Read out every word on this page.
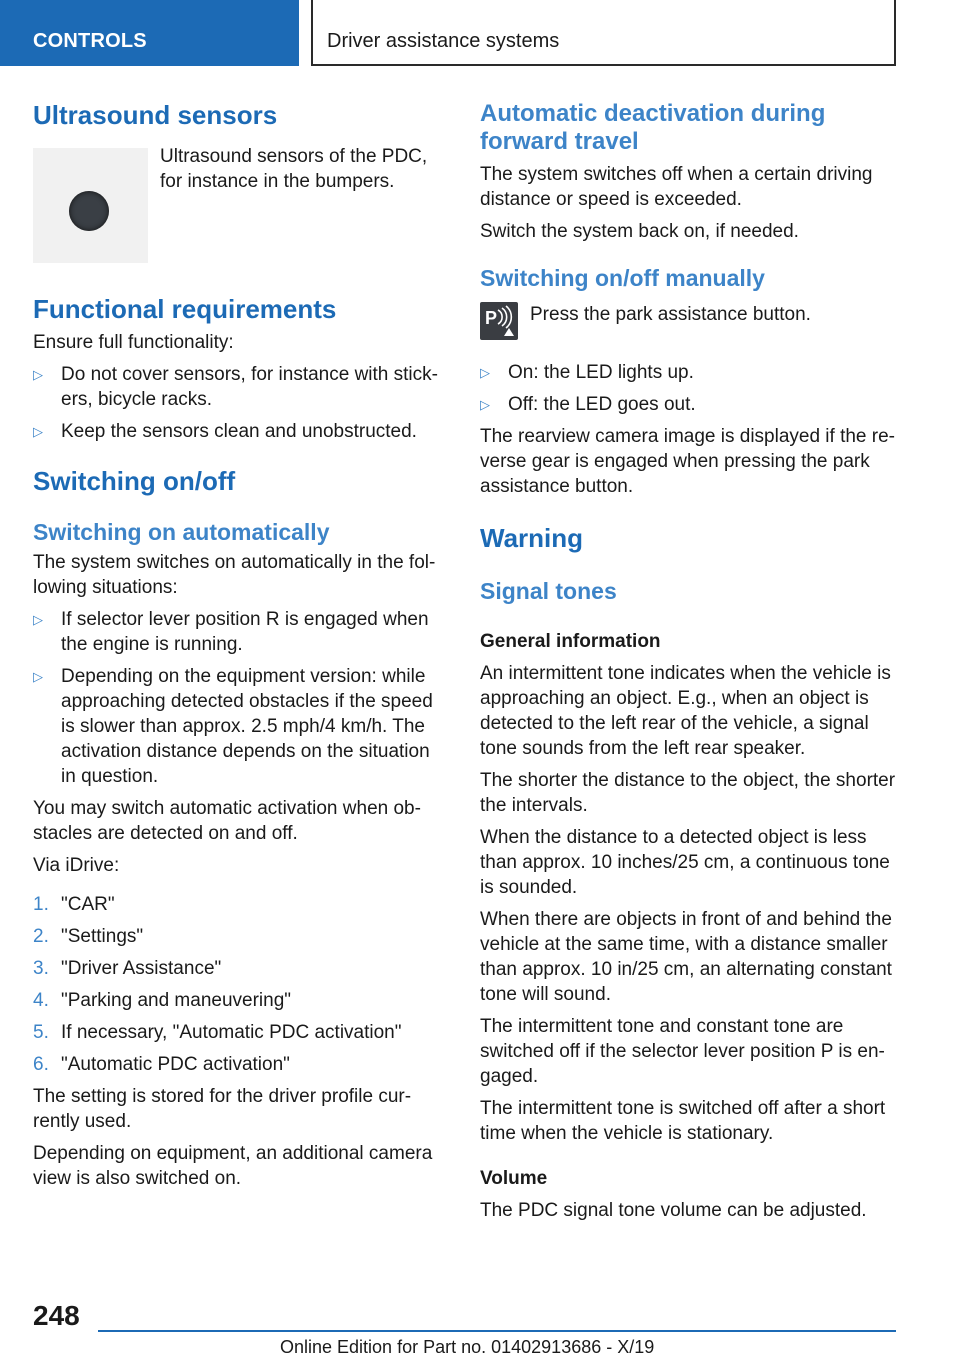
CONTROLS	Driver assistance systems
Ultrasound sensors
Ultrasound sensors of the PDC, for instance in the bumpers.
Functional requirements

Ensure full functionality:

▷ Do not cover sensors, for instance with stick-ers, bicycle racks.
▷ Keep the sensors clean and unobstructed.
Switching on/off
Switching on automatically

The system switches on automatically in the fol-lowing situations:

▷ If selector lever position R is engaged when the engine is running.
▷ Depending on the equipment version: while approaching detected obstacles if the speed is slower than approx. 2.5 mph/4 km/h. The activation distance depends on the situation in question.

You may switch automatic activation when ob-stacles are detected on and off.

Via iDrive:

1. "CAR"
2. "Settings"
3. "Driver Assistance"
4. "Parking and maneuvering"
5. If necessary, "Automatic PDC activation"
6. "Automatic PDC activation"

The setting is stored for the driver profile cur-rently used.

Depending on equipment, an additional camera view is also switched on.

Automatic deactivation during forward travel

The system switches off when a certain driving distance or speed is exceeded.

Switch the system back on, if needed.

Switching on/off manually
P Press the park assistance button.
▷ On: the LED lights up.
▷ Off: the LED goes out.

The rearview camera image is displayed if the re-verse gear is engaged when pressing the park assistance button.

Warning
Signal tones
General information

An intermittent tone indicates when the vehicle is approaching an object. E.g., when an object is detected to the left rear of the vehicle, a signal tone sounds from the left rear speaker.

The shorter the distance to the object, the shorter the intervals.

When the distance to a detected object is less than approx. 10 inches/25 cm, a continuous tone is sounded.

When there are objects in front of and behind the vehicle at the same time, with a distance smaller than approx. 10 in/25 cm, an alternating constant tone will sound.

The intermittent tone and constant tone are switched off if the selector lever position P is en-gaged.

The intermittent tone is switched off after a short time when the vehicle is stationary.

Volume

The PDC signal tone volume can be adjusted.

248
Online Edition for Part no. 01402913686 - X/19
